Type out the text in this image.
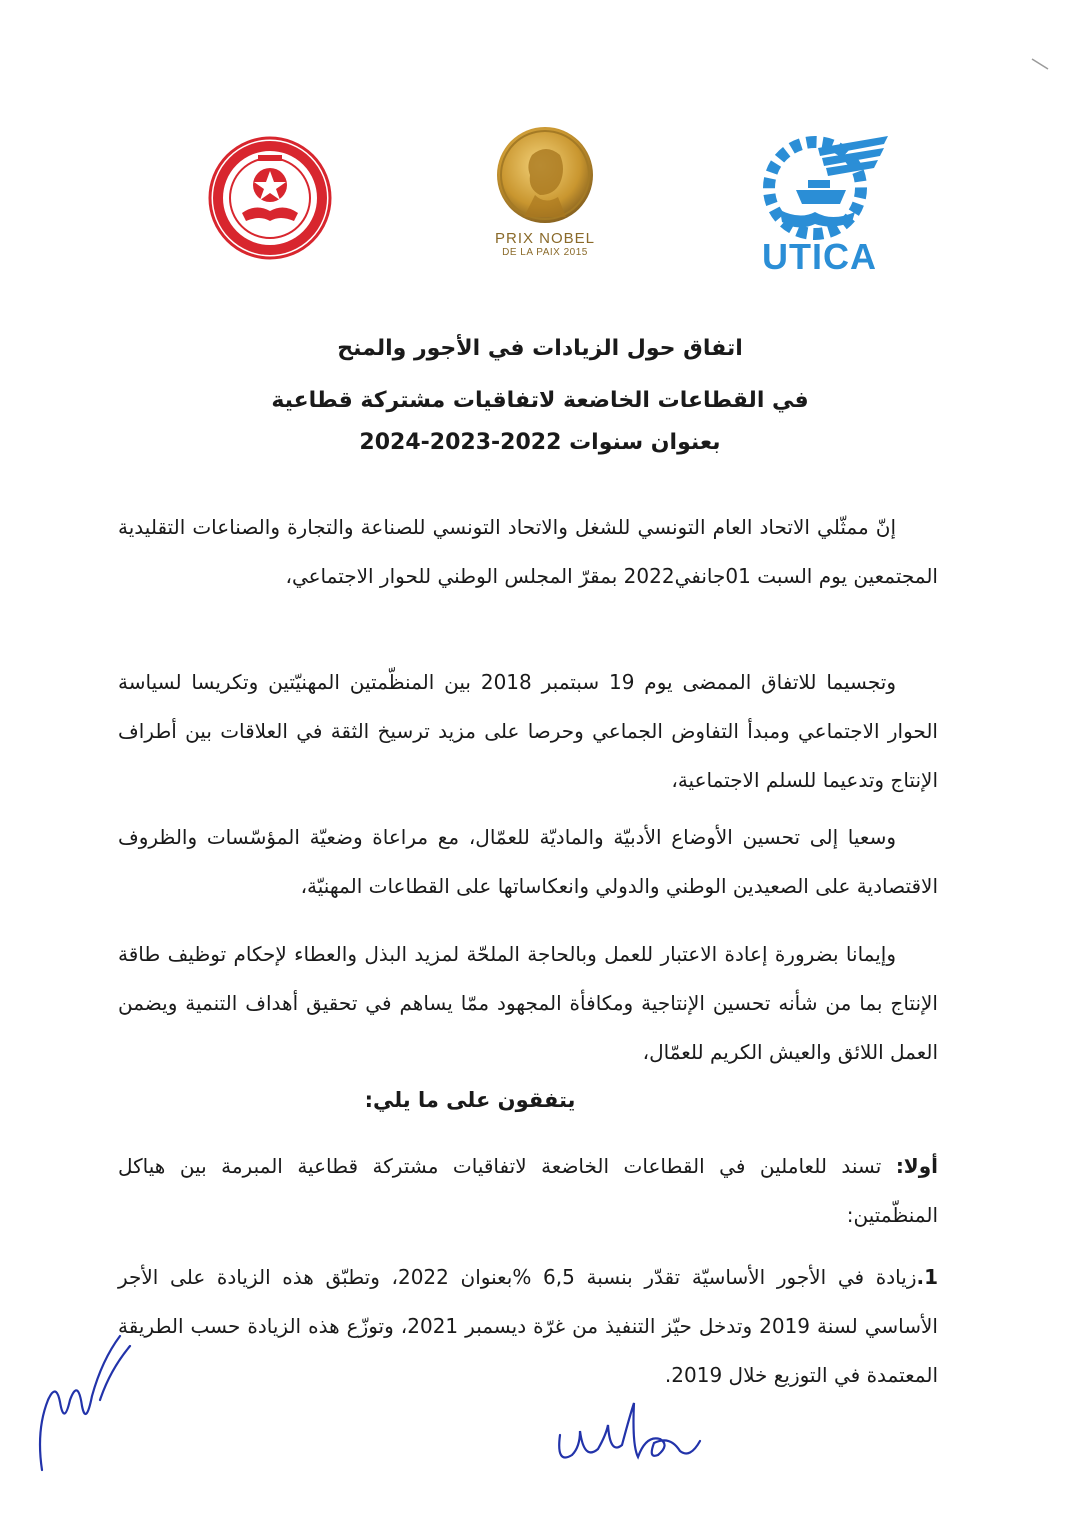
PRIX NOBEL
DE LA PAIX 2015	UTICA
اتفاق حول الزيادات في الأجور والمنح
في القطاعات الخاضعة لاتفاقيات مشتركة قطاعية
بعنوان سنوات 2022-2023-2024
إنّ ممثّلي الاتحاد العام التونسي للشغل والاتحاد التونسي للصناعة والتجارة والصناعات التقليدية المجتمعين يوم السبت 01جانفي2022 بمقرّ المجلس الوطني للحوار الاجتماعي،
وتجسيما للاتفاق الممضى يوم 19 سبتمبر 2018 بين المنظّمتين المهنيّتين وتكريسا لسياسة الحوار الاجتماعي ومبدأ التفاوض الجماعي وحرصا على مزيد ترسيخ الثقة في العلاقات بين أطراف الإنتاج وتدعيما للسلم الاجتماعية،
وسعيا إلى تحسين الأوضاع الأدبيّة والماديّة للعمّال، مع مراعاة وضعيّة المؤسّسات والظروف الاقتصادية على الصعيدين الوطني والدولي وانعكاساتها على القطاعات المهنيّة،
وإيمانا بضرورة إعادة الاعتبار للعمل وبالحاجة الملحّة لمزيد البذل والعطاء لإحكام توظيف طاقة الإنتاج بما من شأنه تحسين الإنتاجية ومكافأة المجهود ممّا يساهم في تحقيق أهداف التنمية ويضمن العمل اللائق والعيش الكريم للعمّال،
يتفقون على ما يلي:
أولا: تسند للعاملين في القطاعات الخاضعة لاتفاقيات مشتركة قطاعية المبرمة بين هياكل المنظّمتين:
1.زيادة في الأجور الأساسيّة تقدّر بنسبة 6,5 %بعنوان 2022، وتطبّق هذه الزيادة على الأجر الأساسي لسنة 2019 وتدخل حيّز التنفيذ من غرّة ديسمبر 2021، وتوزّع هذه الزيادة حسب الطريقة المعتمدة في التوزيع خلال 2019.
